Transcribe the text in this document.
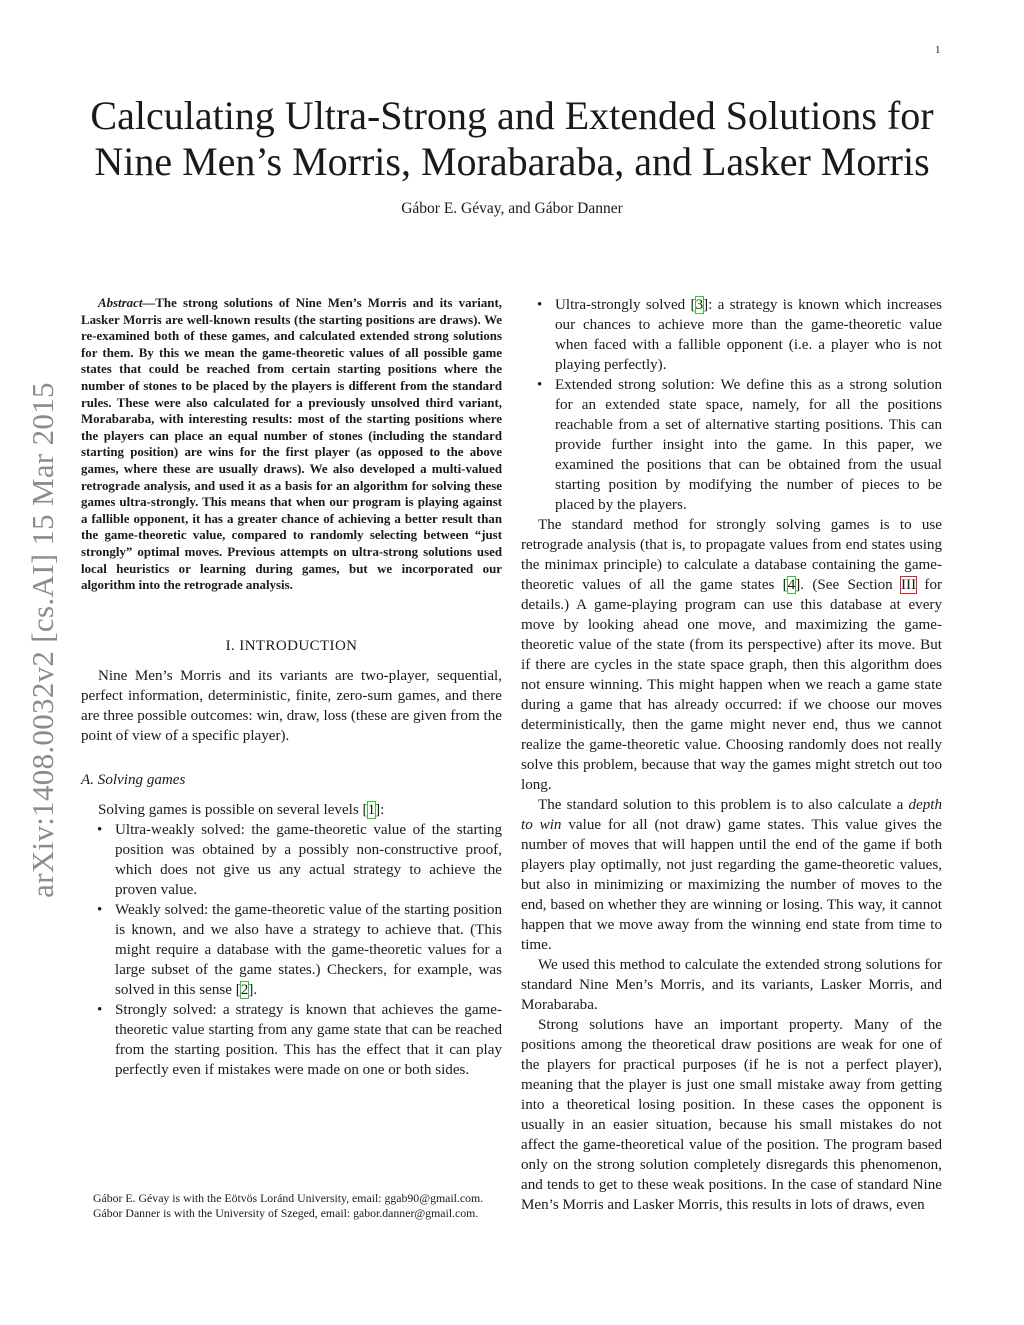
1
arXiv:1408.0032v2 [cs.AI] 15 Mar 2015
Calculating Ultra-Strong and Extended Solutions for
Nine Men’s Morris, Morabaraba, and Lasker Morris
Gábor E. Gévay, and Gábor Danner

Abstract—The strong solutions of Nine Men’s Morris and its variant, Lasker Morris are well-known results (the starting positions are draws). We re-examined both of these games, and calculated extended strong solutions for them. By this we mean the game-theoretic values of all possible game states that could be reached from certain starting positions where the number of stones to be placed by the players is different from the standard rules. These were also calculated for a previously unsolved third variant, Morabaraba, with interesting results: most of the starting positions where the players can place an equal number of stones (including the standard starting position) are wins for the first player (as opposed to the above games, where these are usually draws). We also developed a multi-valued retrograde analysis, and used it as a basis for an algorithm for solving these games ultra-strongly. This means that when our program is playing against a fallible opponent, it has a greater chance of achieving a better result than the game-theoretic value, compared to randomly selecting between “just strongly” optimal moves. Previous attempts on ultra-strong solutions used local heuristics or learning during games, but we incorporated our algorithm into the retrograde analysis.

I. INTRODUCTION

Nine Men’s Morris and its variants are two-player, sequential, perfect information, deterministic, finite, zero-sum games, and there are three possible outcomes: win, draw, loss (these are given from the point of view of a specific player).

A. Solving games

Solving games is possible on several levels [1]:

• Ultra-weakly solved: the game-theoretic value of the starting position was obtained by a possibly non-constructive proof, which does not give us any actual strategy to achieve the proven value.
• Weakly solved: the game-theoretic value of the starting position is known, and we also have a strategy to achieve that. (This might require a database with the game-theoretic values for a large subset of the game states.) Checkers, for example, was solved in this sense [2].
• Strongly solved: a strategy is known that achieves the game-theoretic value starting from any game state that can be reached from the starting position. This has the effect that it can play perfectly even if mistakes were made on one or both sides.

Gábor E. Gévay is with the Eötvös Loránd University, email: ggab90@gmail.com.

Gábor Danner is with the University of Szeged, email: gabor.danner@gmail.com.

• Ultra-strongly solved [3]: a strategy is known which increases our chances to achieve more than the game-theoretic value when faced with a fallible opponent (i.e. a player who is not playing perfectly).
• Extended strong solution: We define this as a strong solution for an extended state space, namely, for all the positions reachable from a set of alternative starting positions. This can provide further insight into the game. In this paper, we examined the positions that can be obtained from the usual starting position by modifying the number of pieces to be placed by the players.

The standard method for strongly solving games is to use retrograde analysis (that is, to propagate values from end states using the minimax principle) to calculate a database containing the game-theoretic values of all the game states [4]. (See Section III for details.) A game-playing program can use this database at every move by looking ahead one move, and maximizing the game-theoretic value of the state (from its perspective) after its move. But if there are cycles in the state space graph, then this algorithm does not ensure winning. This might happen when we reach a game state during a game that has already occurred: if we choose our moves deterministically, then the game might never end, thus we cannot realize the game-theoretic value. Choosing randomly does not really solve this problem, because that way the games might stretch out too long.

The standard solution to this problem is to also calculate a depth to win value for all (not draw) game states. This value gives the number of moves that will happen until the end of the game if both players play optimally, not just regarding the game-theoretic values, but also in minimizing or maximizing the number of moves to the end, based on whether they are winning or losing. This way, it cannot happen that we move away from the winning end state from time to time.

We used this method to calculate the extended strong solutions for standard Nine Men’s Morris, and its variants, Lasker Morris, and Morabaraba.

Strong solutions have an important property. Many of the positions among the theoretical draw positions are weak for one of the players for practical purposes (if he is not a perfect player), meaning that the player is just one small mistake away from getting into a theoretical losing position. In these cases the opponent is usually in an easier situation, because his small mistakes do not affect the game-theoretical value of the position. The program based only on the strong solution completely disregards this phenomenon, and tends to get to these weak positions. In the case of standard Nine Men’s Morris and Lasker Morris, this results in lots of draws, even
